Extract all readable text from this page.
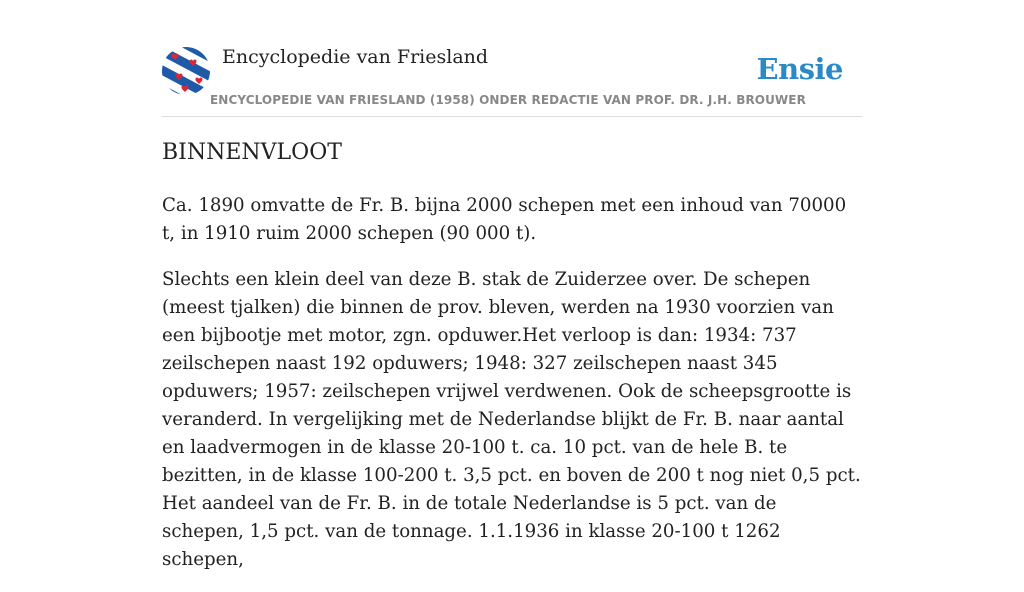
Encyclopedie van Friesland	Ensie
ENCYCLOPEDIE VAN FRIESLAND (1958) ONDER REDACTIE VAN PROF. DR. J.H. BROUWER
BINNENVLOOT

Ca. 1890 omvatte de Fr. B. bijna 2000 schepen met een inhoud van 70000 t, in 1910 ruim 2000 schepen (90 000 t).

Slechts een klein deel van deze B. stak de Zuiderzee over. De schepen (meest tjalken) die binnen de prov. bleven, werden na 1930 voorzien van een bijbootje met motor, zgn. opduwer.Het verloop is dan: 1934: 737 zeilschepen naast 192 opduwers; 1948: 327 zeilschepen naast 345 opduwers; 1957: zeilschepen vrijwel verdwenen. Ook de scheepsgrootte is veranderd. In vergelijking met de Nederlandse blijkt de Fr. B. naar aantal en laadvermogen in de klasse 20-100 t. ca. 10 pct. van de hele B. te bezitten, in de klasse 100-200 t. 3,5 pct. en boven de 200 t nog niet 0,5 pct. Het aandeel van de Fr. B. in de totale Nederlandse is 5 pct. van de schepen, 1,5 pct. van de tonnage. 1.1.1936 in klasse 20-100 t 1262 schepen,
